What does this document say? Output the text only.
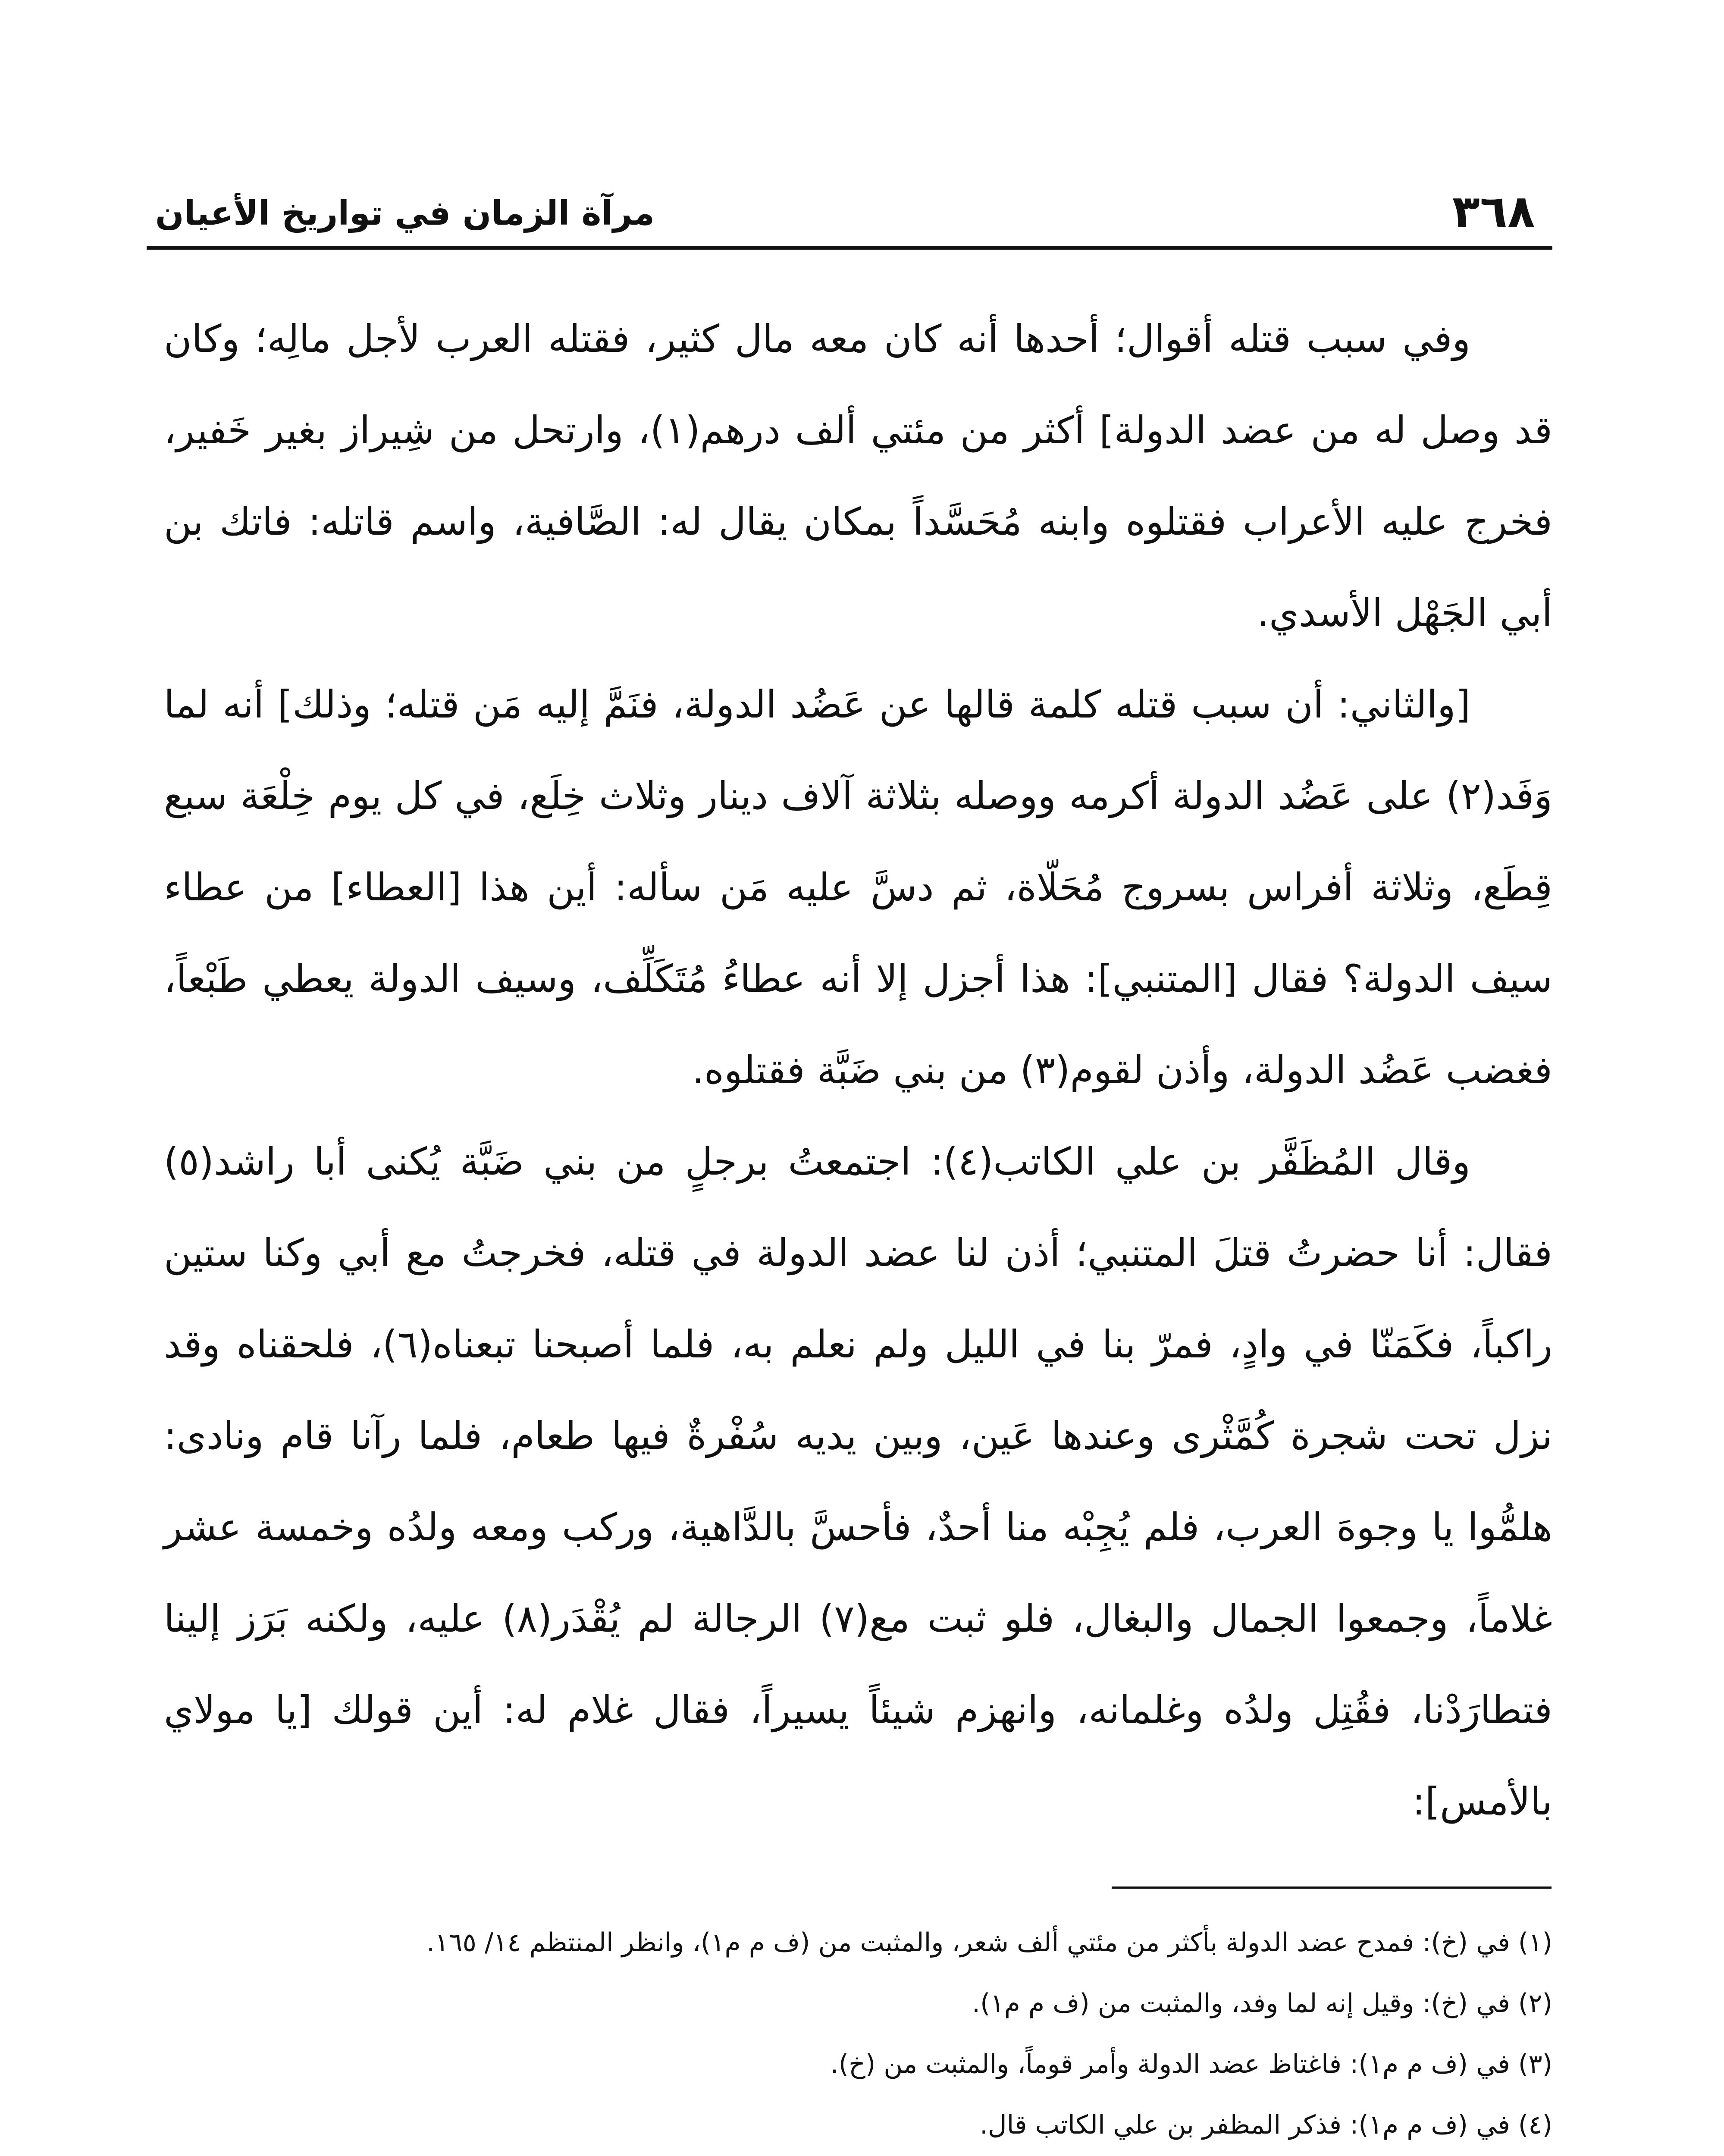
٣٦٨
مرآة الزمان في تواريخ الأعيان

وفي سبب قتله أقوال؛ أحدها أنه كان معه مال كثير، فقتله العرب لأجل مالِه؛ وكان قد وصل له من عضد الدولة] أكثر من مئتي ألف درهم(١)، وارتحل من شِيراز بغير خَفير، فخرج عليه الأعراب فقتلوه وابنه مُحَسَّداً بمكان يقال له: الصَّافية، واسم قاتله: فاتك بن أبي الجَهْل الأسدي.

[والثاني: أن سبب قتله كلمة قالها عن عَضُد الدولة، فنَمَّ إليه مَن قتله؛ وذلك] أنه لما وَفَد(٢) على عَضُد الدولة أكرمه ووصله بثلاثة آلاف دينار وثلاث خِلَع، في كل يوم خِلْعَة سبع قِطَع، وثلاثة أفراس بسروج مُحَلّاة، ثم دسَّ عليه مَن سأله: أين هذا [العطاء] من عطاء سيف الدولة؟ فقال [المتنبي]: هذا أجزل إلا أنه عطاءُ مُتَكَلِّف، وسيف الدولة يعطي طَبْعاً، فغضب عَضُد الدولة، وأذن لقوم(٣) من بني ضَبَّة فقتلوه.

وقال المُظَفَّر بن علي الكاتب(٤): اجتمعتُ برجلٍ من بني ضَبَّة يُكنى أبا راشد(٥) فقال: أنا حضرتُ قتلَ المتنبي؛ أذن لنا عضد الدولة في قتله، فخرجتُ مع أبي وكنا ستين راكباً، فكَمَنّا في وادٍ، فمرّ بنا في الليل ولم نعلم به، فلما أصبحنا تبعناه(٦)، فلحقناه وقد نزل تحت شجرة كُمَّثْرى وعندها عَين، وبين يديه سُفْرةٌ فيها طعام، فلما رآنا قام ونادى: هلمُّوا يا وجوهَ العرب، فلم يُجِبْه منا أحدٌ، فأحسَّ بالدَّاهية، وركب ومعه ولدُه وخمسة عشر غلاماً، وجمعوا الجمال والبغال، فلو ثبت مع(٧) الرجالة لم يُقْدَر(٨) عليه، ولكنه بَرَز إلينا فتطارَدْنا، فقُتِل ولدُه وغلمانه، وانهزم شيئاً يسيراً، فقال غلام له: أين قولك [يا مولاي بالأمس]:

(١) في (خ): فمدح عضد الدولة بأكثر من مئتي ألف شعر، والمثبت من (ف م م١)، وانظر المنتظم ١٤/ ١٦٥.

(٢) في (خ): وقيل إنه لما وفد، والمثبت من (ف م م١).

(٣) في (ف م م١): فاغتاظ عضد الدولة وأمر قوماً، والمثبت من (خ).

(٤) في (ف م م١): فذكر المظفر بن علي الكاتب قال.
